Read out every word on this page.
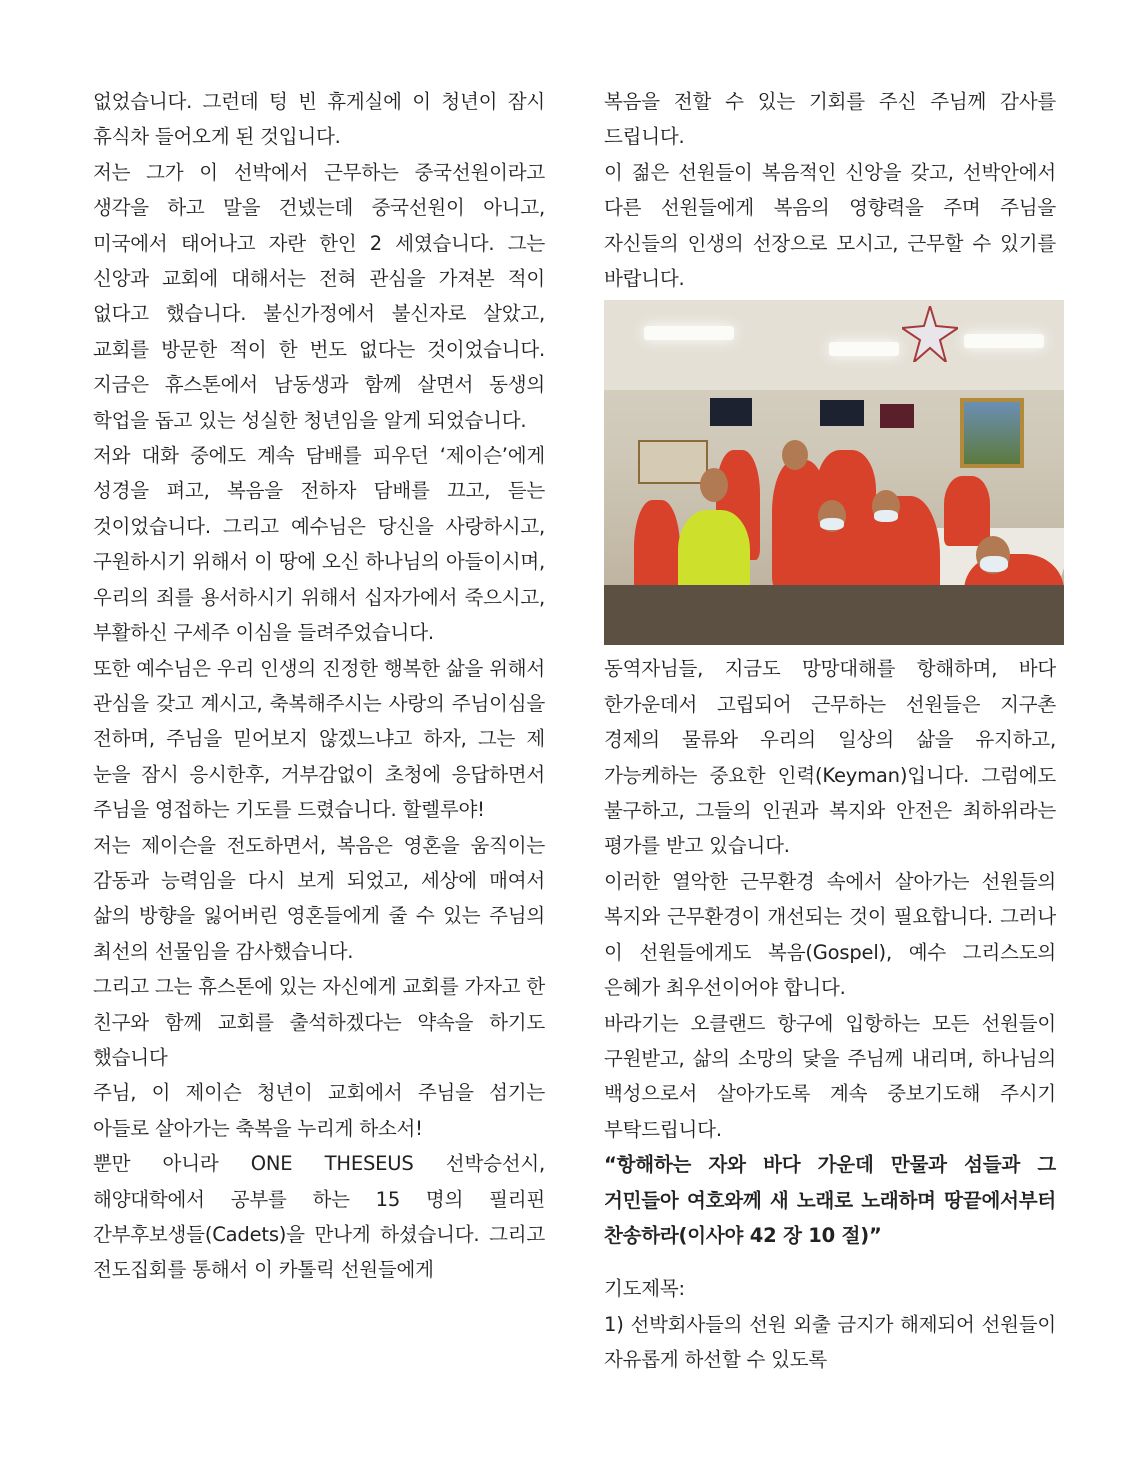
없었습니다. 그런데 텅 빈 휴게실에 이 청년이 잠시 휴식차 들어오게 된 것입니다.

저는 그가 이 선박에서 근무하는 중국선원이라고 생각을 하고 말을 건넸는데 중국선원이 아니고, 미국에서 태어나고 자란 한인 2 세였습니다. 그는 신앙과 교회에 대해서는 전혀 관심을 가져본 적이 없다고 했습니다. 불신가정에서 불신자로 살았고, 교회를 방문한 적이 한 번도 없다는 것이었습니다. 지금은 휴스톤에서 남동생과 함께 살면서 동생의 학업을 돕고 있는 성실한 청년임을 알게 되었습니다.

저와 대화 중에도 계속 담배를 피우던 ‘제이슨’에게 성경을 펴고, 복음을 전하자 담배를 끄고, 듣는 것이었습니다. 그리고 예수님은 당신을 사랑하시고, 구원하시기 위해서 이 땅에 오신 하나님의 아들이시며, 우리의 죄를 용서하시기 위해서 십자가에서 죽으시고, 부활하신 구세주 이심을 들려주었습니다.

또한 예수님은 우리 인생의 진정한 행복한 삶을 위해서 관심을 갖고 계시고, 축복해주시는 사랑의 주님이심을 전하며, 주님을 믿어보지 않겠느냐고 하자, 그는 제 눈을 잠시 응시한후, 거부감없이 초청에 응답하면서 주님을 영접하는 기도를 드렸습니다. 할렐루야!

저는 제이슨을 전도하면서, 복음은 영혼을 움직이는 감동과 능력임을 다시 보게 되었고, 세상에 매여서 삶의 방향을 잃어버린 영혼들에게 줄 수 있는 주님의 최선의 선물임을 감사했습니다.

그리고 그는 휴스톤에 있는 자신에게 교회를 가자고 한 친구와 함께 교회를 출석하겠다는 약속을 하기도 했습니다

주님, 이 제이슨 청년이 교회에서 주님을 섬기는 아들로 살아가는 축복을 누리게 하소서!

뿐만 아니라 ONE THESEUS 선박승선시, 해양대학에서 공부를 하는 15 명의 필리핀 간부후보생들(Cadets)을 만나게 하셨습니다. 그리고 전도집회를 통해서 이 카톨릭 선원들에게

복음을 전할 수 있는 기회를 주신 주님께 감사를 드립니다.

이 젊은 선원들이 복음적인 신앙을 갖고, 선박안에서 다른 선원들에게 복음의 영향력을 주며 주님을 자신들의 인생의 선장으로 모시고, 근무할 수 있기를 바랍니다.

동역자님들, 지금도 망망대해를 항해하며, 바다 한가운데서 고립되어 근무하는 선원들은 지구촌 경제의 물류와 우리의 일상의 삶을 유지하고, 가능케하는 중요한 인력(Keyman)입니다. 그럼에도 불구하고, 그들의 인권과 복지와 안전은 최하위라는 평가를 받고 있습니다.

이러한 열악한 근무환경 속에서 살아가는 선원들의 복지와 근무환경이 개선되는 것이 필요합니다. 그러나 이 선원들에게도 복음(Gospel), 예수 그리스도의 은혜가 최우선이어야 합니다.

바라기는 오클랜드 항구에 입항하는 모든 선원들이 구원받고, 삶의 소망의 닻을 주님께 내리며, 하나님의 백성으로서 살아가도록 계속 중보기도해 주시기 부탁드립니다.

“항해하는 자와 바다 가운데 만물과 섬들과 그 거민들아 여호와께 새 노래로 노래하며 땅끝에서부터 찬송하라(이사야 42 장 10 절)”

기도제목:

1) 선박회사들의 선원 외출 금지가 해제되어 선원들이 자유롭게 하선할 수 있도록
